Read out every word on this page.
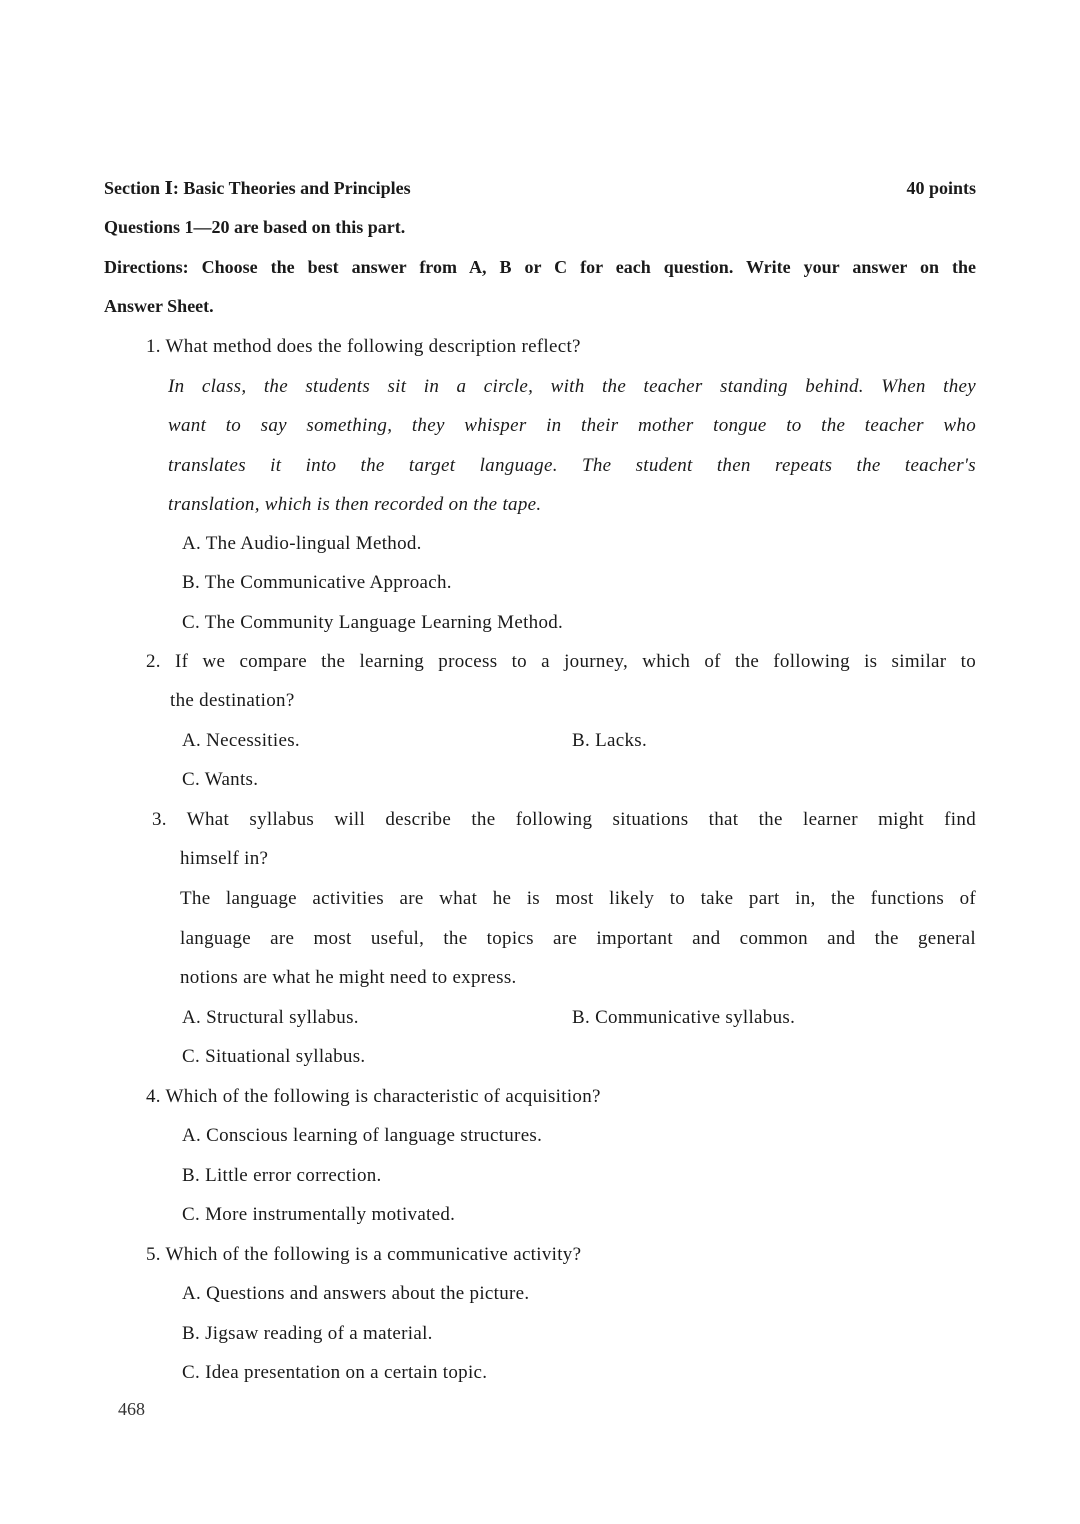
Section Ⅰ: Basic Theories and Principles	40 points
Questions 1—20 are based on this part.
Directions: Choose the best answer from A, B or C for each question. Write your answer on the
Answer Sheet.
1. What method does the following description reflect?
In class, the students sit in a circle, with the teacher standing behind. When they
want to say something, they whisper in their mother tongue to the teacher who
translates it into the target language. The student then repeats the teacher's
translation, which is then recorded on the tape.
A. The Audio-lingual Method.
B. The Communicative Approach.
C. The Community Language Learning Method.
2. If we compare the learning process to a journey, which of the following is similar to
the destination?
A. Necessities.	B. Lacks.
C. Wants.
3. What syllabus will describe the following situations that the learner might find
himself in?
The language activities are what he is most likely to take part in, the functions of
language are most useful, the topics are important and common and the general
notions are what he might need to express.
A. Structural syllabus.	B. Communicative syllabus.
C. Situational syllabus.
4. Which of the following is characteristic of acquisition?
A. Conscious learning of language structures.
B. Little error correction.
C. More instrumentally motivated.
5. Which of the following is a communicative activity?
A. Questions and answers about the picture.
B. Jigsaw reading of a material.
C. Idea presentation on a certain topic.
468
